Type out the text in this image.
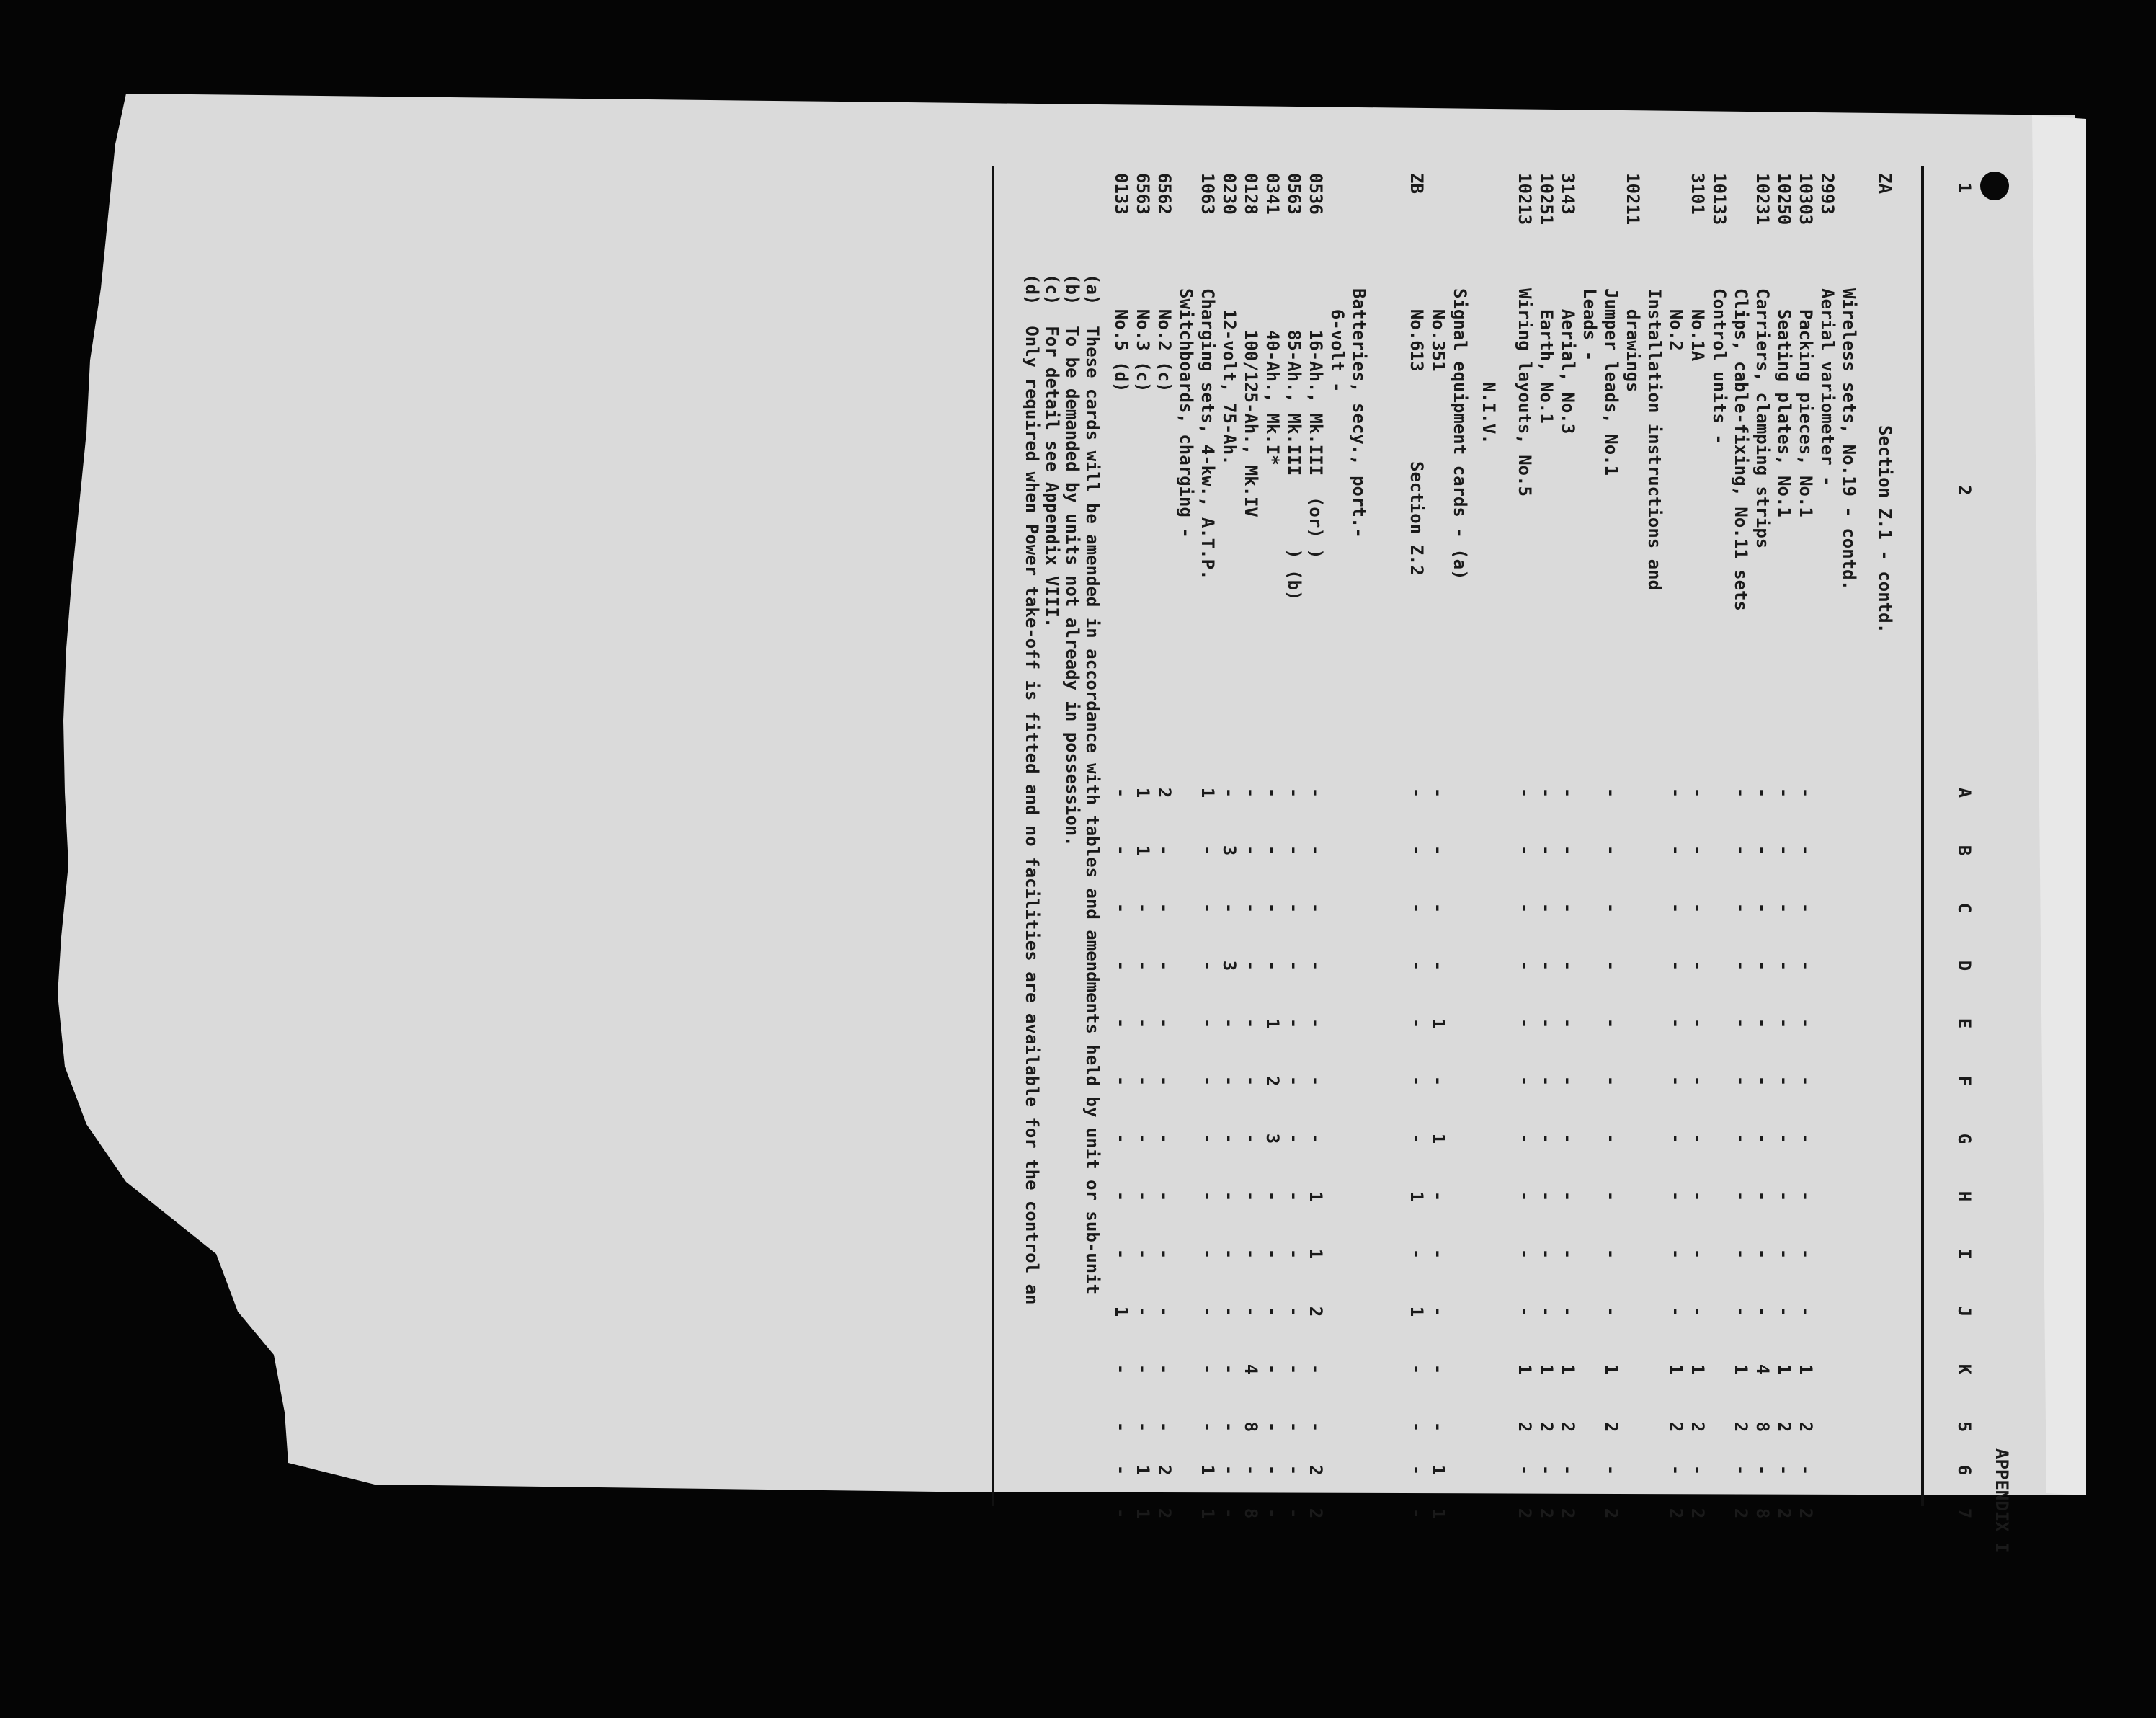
APPENDIX I
1
2
A
B
C
D
E
F
G
H
I
J
K
5
6
7
ZA
Section Z.1 - contd.
Wireless sets, No.19 - contd.
2993
Aerial variometer -
10303
Packing pieces, No.1
-
-
-
-
-
-
-
-
-
-
1
2
-
2
10250
Seating plates, No.1
-
-
-
-
-
-
-
-
-
-
1
2
-
2
10231
Carriers, clamping strips
-
-
-
-
-
-
-
-
-
-
4
8
-
8
Clips, cable-fixing, No.11 sets
-
-
-
-
-
-
-
-
-
-
1
2
-
2
10133
Control units -
3101
No.1A
-
-
-
-
-
-
-
-
-
-
1
2
-
2
No.2
-
-
-
-
-
-
-
-
-
-
1
2
-
2
Installation instructions and
10211
drawings
Jumper leads, No.1
-
-
-
-
-
-
-
-
-
-
1
2
-
2
Leads -
3143
Aerial, No.3
-
-
-
-
-
-
-
-
-
-
1
2
-
2
10251
Earth, No.1
-
-
-
-
-
-
-
-
-
-
1
2
-
2
10213
Wiring layouts, No.5
-
-
-
-
-
-
-
-
-
-
1
2
-
2
N.I.V.
Signal equipment cards - (a)
No.351
-
-
-
-
1
-
1
-
-
-
-
-
1
1
No.613
-
-
-
-
-
-
-
1
-
1
-
-
-
-
Batteries, secy., port.-
6-volt -
0536
16-Ah., Mk.III  (or) )
-
-
-
-
-
-
-
1
1
2
-
-
2
2
0563
85-Ah., Mk.III       ) (b)
-
-
-
-
-
-
-
-
-
-
-
-
-
-
0341
40-Ah., Mk.I*
-
-
-
-
1
2
3
-
-
-
-
-
-
-
0128
100/125-Ah., Mk.IV
-
-
-
-
-
-
-
-
-
-
4
8
-
8
0230
12-volt, 75-Ah.
-
3
-
3
-
-
-
-
-
-
-
-
-
-
1063
Charging sets, 4-kw., A.T.P.
1
-
-
-
-
-
-
-
-
-
-
-
1
1
Switchboards, charging -
6562
No.2 (c)
2
-
-
-
-
-
-
-
-
-
-
-
2
2
6563
No.3 (c)
1
1
-
-
-
-
-
-
-
-
-
-
1
1
0133
No.5 (d)
-
-
-
-
-
-
-
-
-
1
-
-
-
-
ZB
Section Z.2
(a)  These cards will be amended in accordance with tables and amendments held by unit or sub-unit
(b)  To be demanded by units not already in possession.
(c)  For detail see Appendix VIII.
(d)  Only required when Power take-off is fitted and no facilities are available for the control an
